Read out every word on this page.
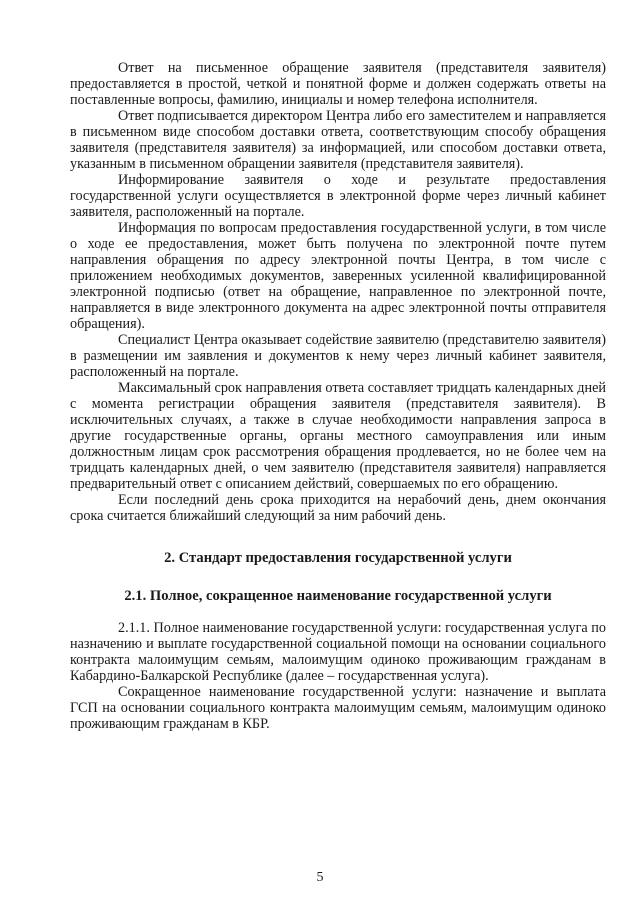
Ответ на письменное обращение заявителя (представителя заявителя) предоставляется в простой, четкой и понятной форме и должен содержать ответы на поставленные вопросы, фамилию, инициалы и номер телефона исполнителя.

Ответ подписывается директором Центра либо его заместителем и направляется в письменном виде способом доставки ответа, соответствующим способу обращения заявителя (представителя заявителя) за информацией, или способом доставки ответа, указанным в письменном обращении заявителя (представителя заявителя).

Информирование заявителя о ходе и результате предоставления государственной услуги осуществляется в электронной форме через личный кабинет заявителя, расположенный на портале.

Информация по вопросам предоставления государственной услуги, в том числе о ходе ее предоставления, может быть получена по электронной почте путем направления обращения по адресу электронной почты Центра, в том числе с приложением необходимых документов, заверенных усиленной квалифицированной электронной подписью (ответ на обращение, направленное по электронной почте, направляется в виде электронного документа на адрес электронной почты отправителя обращения).

Специалист Центра оказывает содействие заявителю (представителю заявителя) в размещении им заявления и документов к нему через личный кабинет заявителя, расположенный на портале.

Максимальный срок направления ответа составляет тридцать календарных дней с момента регистрации обращения заявителя (представителя заявителя). В исключительных случаях, а также в случае необходимости направления запроса в другие государственные органы, органы местного самоуправления или иным должностным лицам срок рассмотрения обращения продлевается, но не более чем на тридцать календарных дней, о чем заявителю (представителя заявителя) направляется предварительный ответ с описанием действий, совершаемых по его обращению.

Если последний день срока приходится на нерабочий день, днем окончания срока считается ближайший следующий за ним рабочий день.

2. Стандарт предоставления государственной услуги

2.1. Полное, сокращенное наименование государственной услуги

2.1.1. Полное наименование государственной услуги: государственная услуга по назначению и выплате государственной социальной помощи на основании социального контракта малоимущим семьям, малоимущим одиноко проживающим гражданам в Кабардино-Балкарской Республике (далее – государственная услуга).

Сокращенное наименование государственной услуги: назначение и выплата ГСП на основании социального контракта малоимущим семьям, малоимущим одиноко проживающим гражданам в КБР.

5
